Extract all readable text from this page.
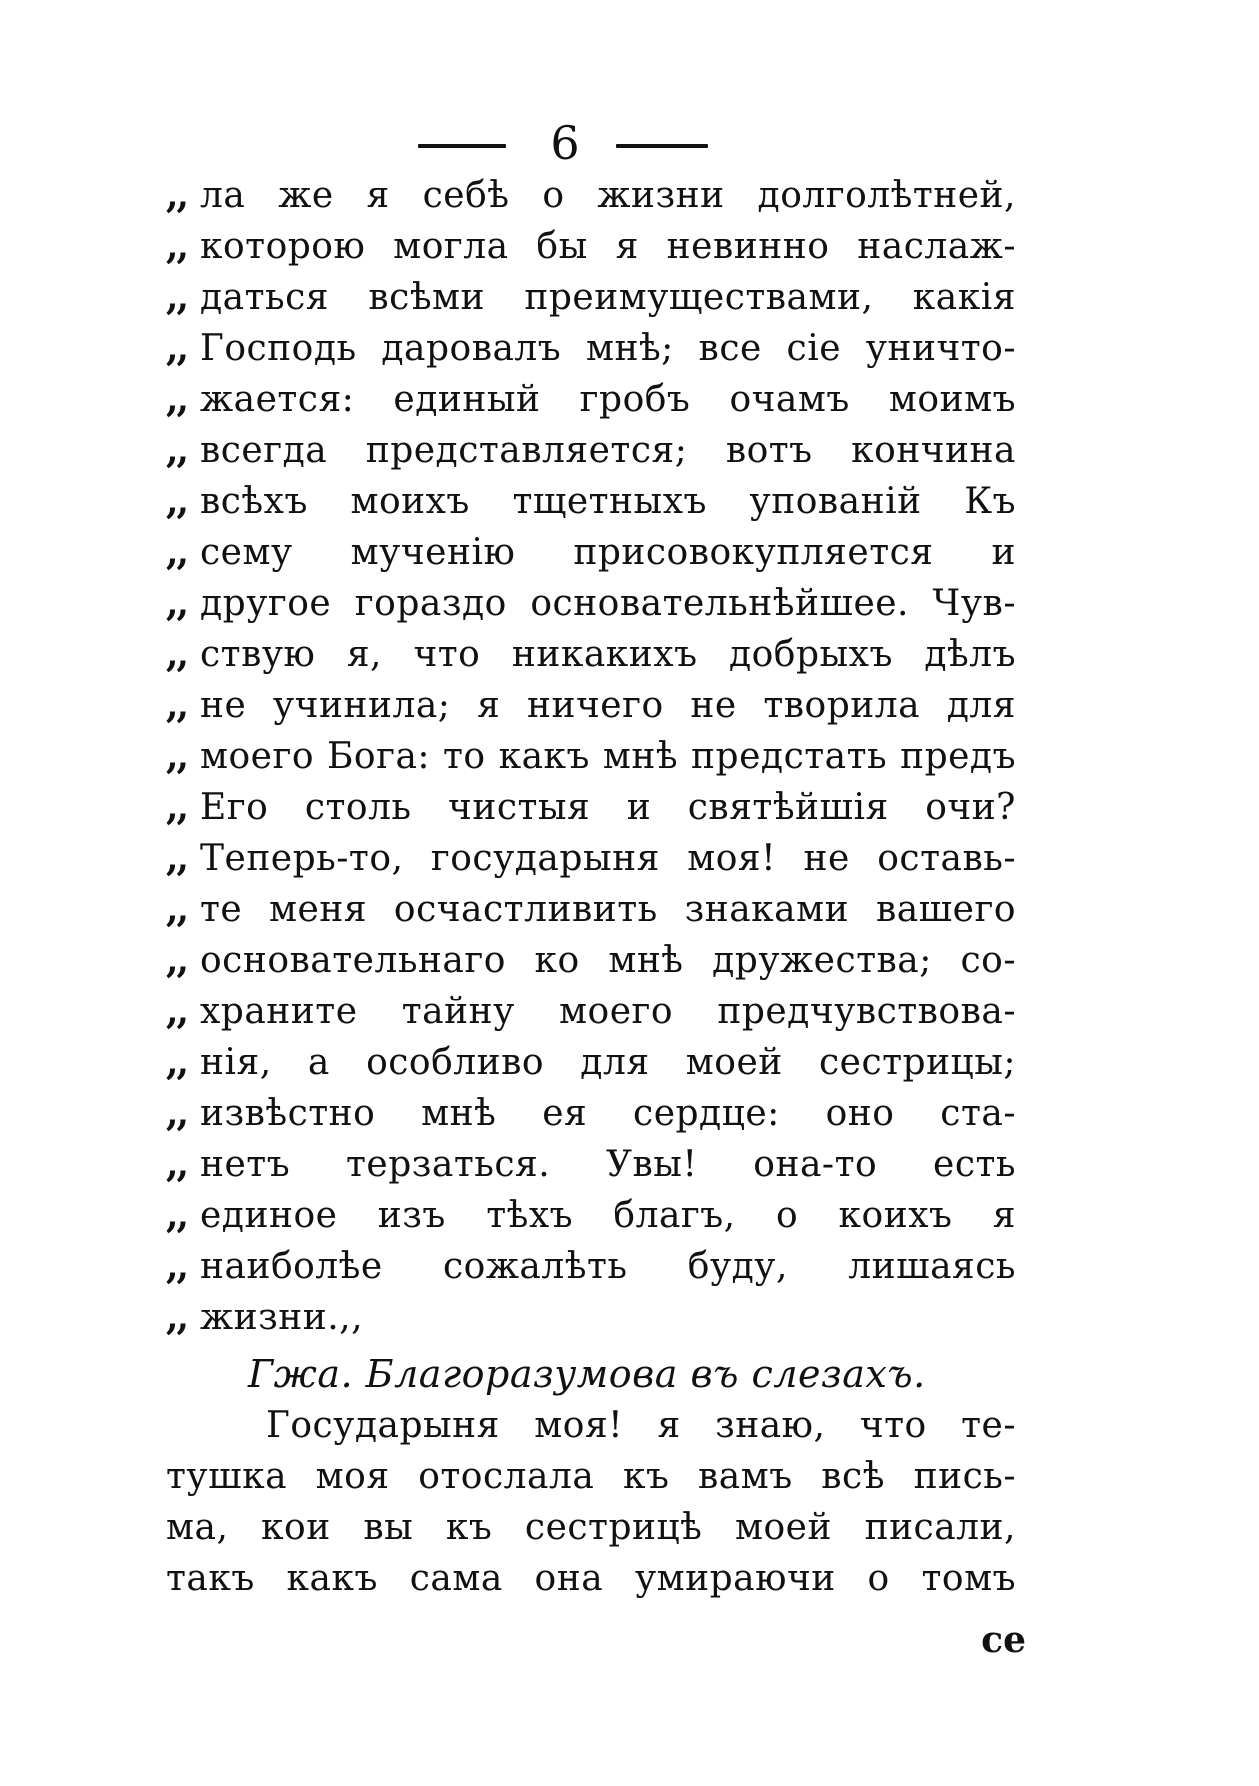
6
,, ла же я себѣ о жизни долголѣтней,
,, которою могла бы я невинно наслаж-
,, даться всѣми преимуществами, какія
,, Господь даровалъ мнѣ; все сіе уничто-
,, жается: единый гробъ очамъ моимъ
,, всегда представляется; вотъ кончина
,, всѣхъ моихъ тщетныхъ упованій Къ
,, сему мученію присовокупляется и
,, другое гораздо основательнѣйшее. Чув-
,, ствую я, что никакихъ добрыхъ дѣлъ
,, не учинила; я ничего не творила для
,, моего Бога: то какъ мнѣ предстать предъ
,, Его столь чистыя и святѣйшія очи?
,, Теперь-то, государыня моя! не оставь-
,, те меня осчастливить знаками вашего
,, основательнаго ко мнѣ дружества; со-
,, храните тайну моего предчувствова-
,, нія, а особливо для моей сестрицы;
,, извѣстно мнѣ ея сердце: оно ста-
,, нетъ терзаться. Увы! она-то есть
,, единое изъ тѣхъ благъ, о коихъ я
,, наиболѣе сожалѣть буду, лишаясь
,, жизни.,,
Гжа. Благоразумова въ слезахъ.
Государыня моя! я знаю, что те-
тушка моя отослала къ вамъ всѣ пись-
ма, кои вы къ сестрицѣ моей писали,
такъ какъ сама она умираючи о томъ
се
